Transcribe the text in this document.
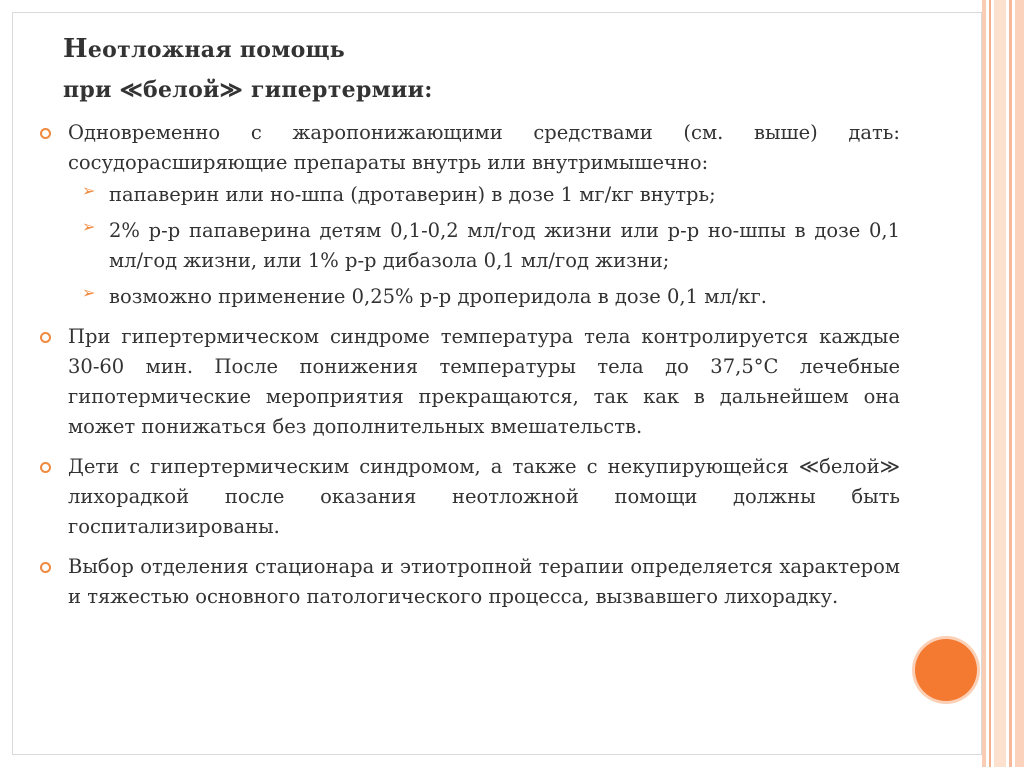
Неотложная помощь
при ≪белой≫ гипертермии:
Одновременно с жаропонижающими средствами (см. выше) дать: сосудорасширяющие препараты внутрь или внутримышечно:
➢ папаверин или но-шпа (дротаверин) в дозе 1 мг/кг внутрь;
➢ 2% р-р папаверина детям 0,1-0,2 мл/год жизни или р-р но-шпы в дозе 0,1 мл/год жизни, или 1% р-р дибазола 0,1 мл/год жизни;
➢ возможно применение 0,25% р-р дроперидола в дозе 0,1 мл/кг.
При гипертермическом синдроме температура тела контролируется каждые 30-60 мин. После понижения температуры тела до 37,5°С лечебные гипотермические мероприятия прекращаются, так как в дальнейшем она может понижаться без дополнительных вмешательств.
Дети с гипертермическим синдромом, а также с некупирующейся ≪белой≫ лихорадкой после оказания неотложной помощи должны быть госпитализированы.
Выбор отделения стационара и этиотропной терапии определяется характером и тяжестью основного патологического процесса, вызвавшего лихорадку.
